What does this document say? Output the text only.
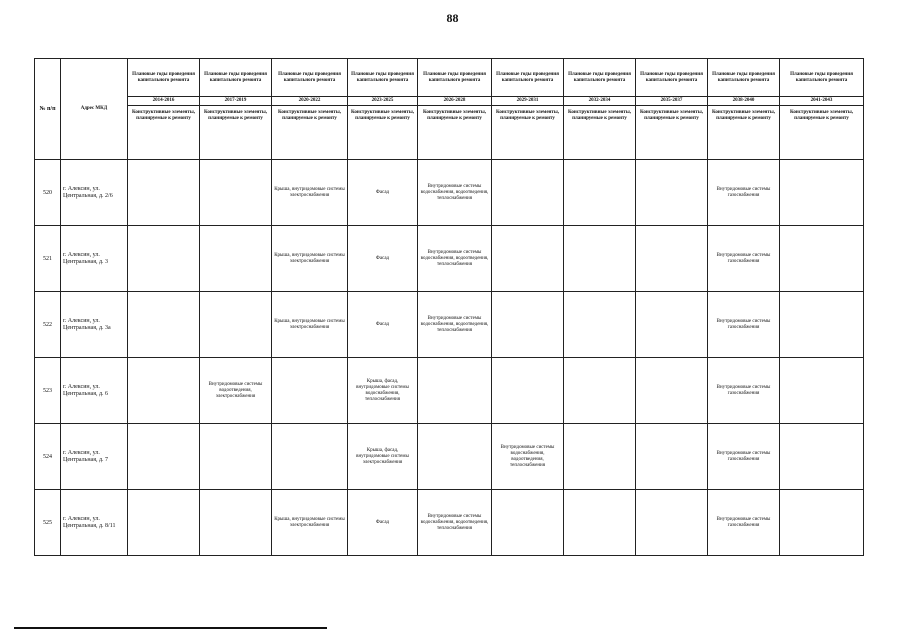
88
№ п/п	Адрес МКД	Плановые годы проведения капитального ремонта	Плановые годы проведения капитального ремонта	Плановые годы проведения капитального ремонта	Плановые годы проведения капитального ремонта	Плановые годы проведения капитального ремонта	Плановые годы проведения капитального ремонта	Плановые годы проведения капитального ремонта	Плановые годы проведения капитального ремонта	Плановые годы проведения капитального ремонта	Плановые годы проведения капитального ремонта
		2014-2016	2017-2019	2020-2022	2023-2025	2026-2028	2029-2031	2032-2034	2035-2037	2038-2040	2041-2043
		Конструктивные элементы, планируемые к ремонту	Конструктивные элементы, планируемые к ремонту	Конструктивные элементы, планируемые к ремонту	Конструктивные элементы, планируемые к ремонту	Конструктивные элементы, планируемые к ремонту	Конструктивные элементы, планируемые к ремонту	Конструктивные элементы, планируемые к ремонту	Конструктивные элементы, планируемые к ремонту	Конструктивные элементы, планируемые к ремонту	Конструктивные элементы, планируемые к ремонту
520	г. Алексин, ул. Центральная, д. 2/6			Крыша, внутридомовые системы электроснабжения	Фасад	Внутридомовые системы водоснабжения, водоотведения, теплоснабжения				Внутридомовые системы газоснабжения	
521	г. Алексин, ул. Центральная, д. 3			Крыша, внутридомовые системы электроснабжения	Фасад	Внутридомовые системы водоснабжения, водоотведения, теплоснабжения				Внутридомовые системы газоснабжения	
522	г. Алексин, ул. Центральная, д. 3а			Крыша, внутридомовые системы электроснабжения	Фасад	Внутридомовые системы водоснабжения, водоотведения, теплоснабжения				Внутридомовые системы газоснабжения	
523	г. Алексин, ул. Центральная, д. 6		Внутридомовые системы водоотведения, электроснабжения		Крыша, фасад, внутридомовые системы водоснабжения, теплоснабжения					Внутридомовые системы газоснабжения	
524	г. Алексин, ул. Центральная, д. 7				Крыша, фасад, внутридомовые системы электроснабжения		Внутридомовые системы водоснабжения, водоотведения, теплоснабжения			Внутридомовые системы газоснабжения	
525	г. Алексин, ул. Центральная, д. 8/11			Крыша, внутридомовые системы электроснабжения	Фасад	Внутридомовые системы водоснабжения, водоотведения, теплоснабжения				Внутридомовые системы газоснабжения	
